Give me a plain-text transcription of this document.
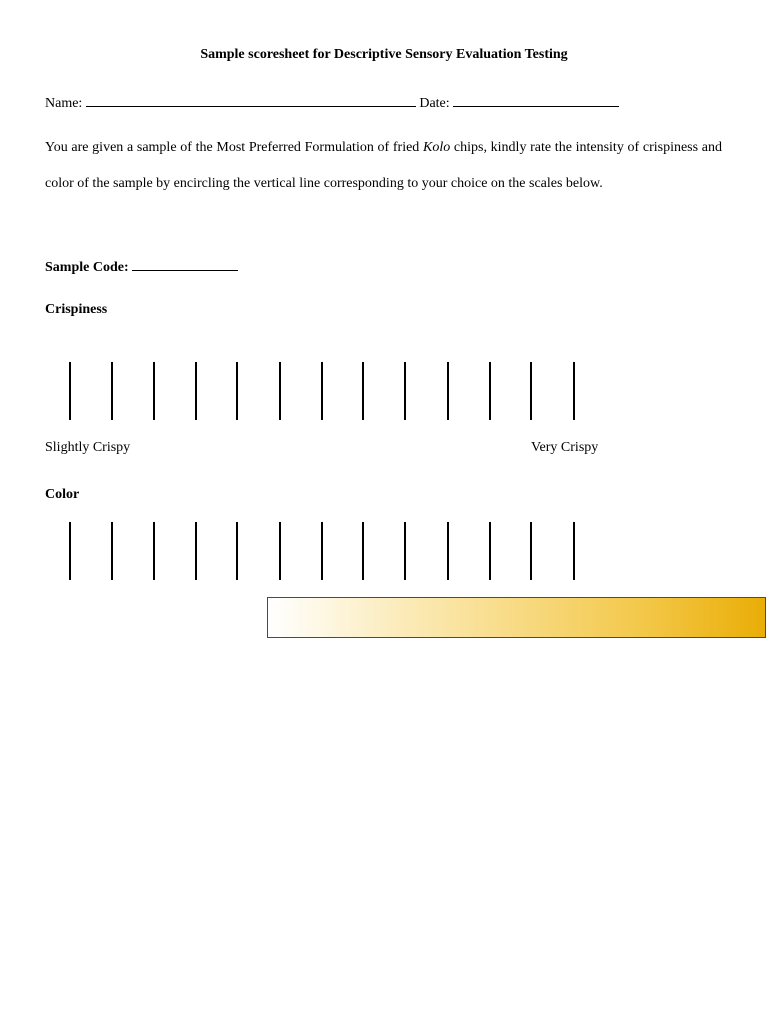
Sample scoresheet for Descriptive Sensory Evaluation Testing
Name:	Date:
You are given a sample of the Most Preferred Formulation of fried Kolo chips, kindly rate the intensity of crispiness and color of the sample by encircling the vertical line corresponding to your choice on the scales below.
Sample Code:
Crispiness
Slightly Crispy	Very Crispy
Color
